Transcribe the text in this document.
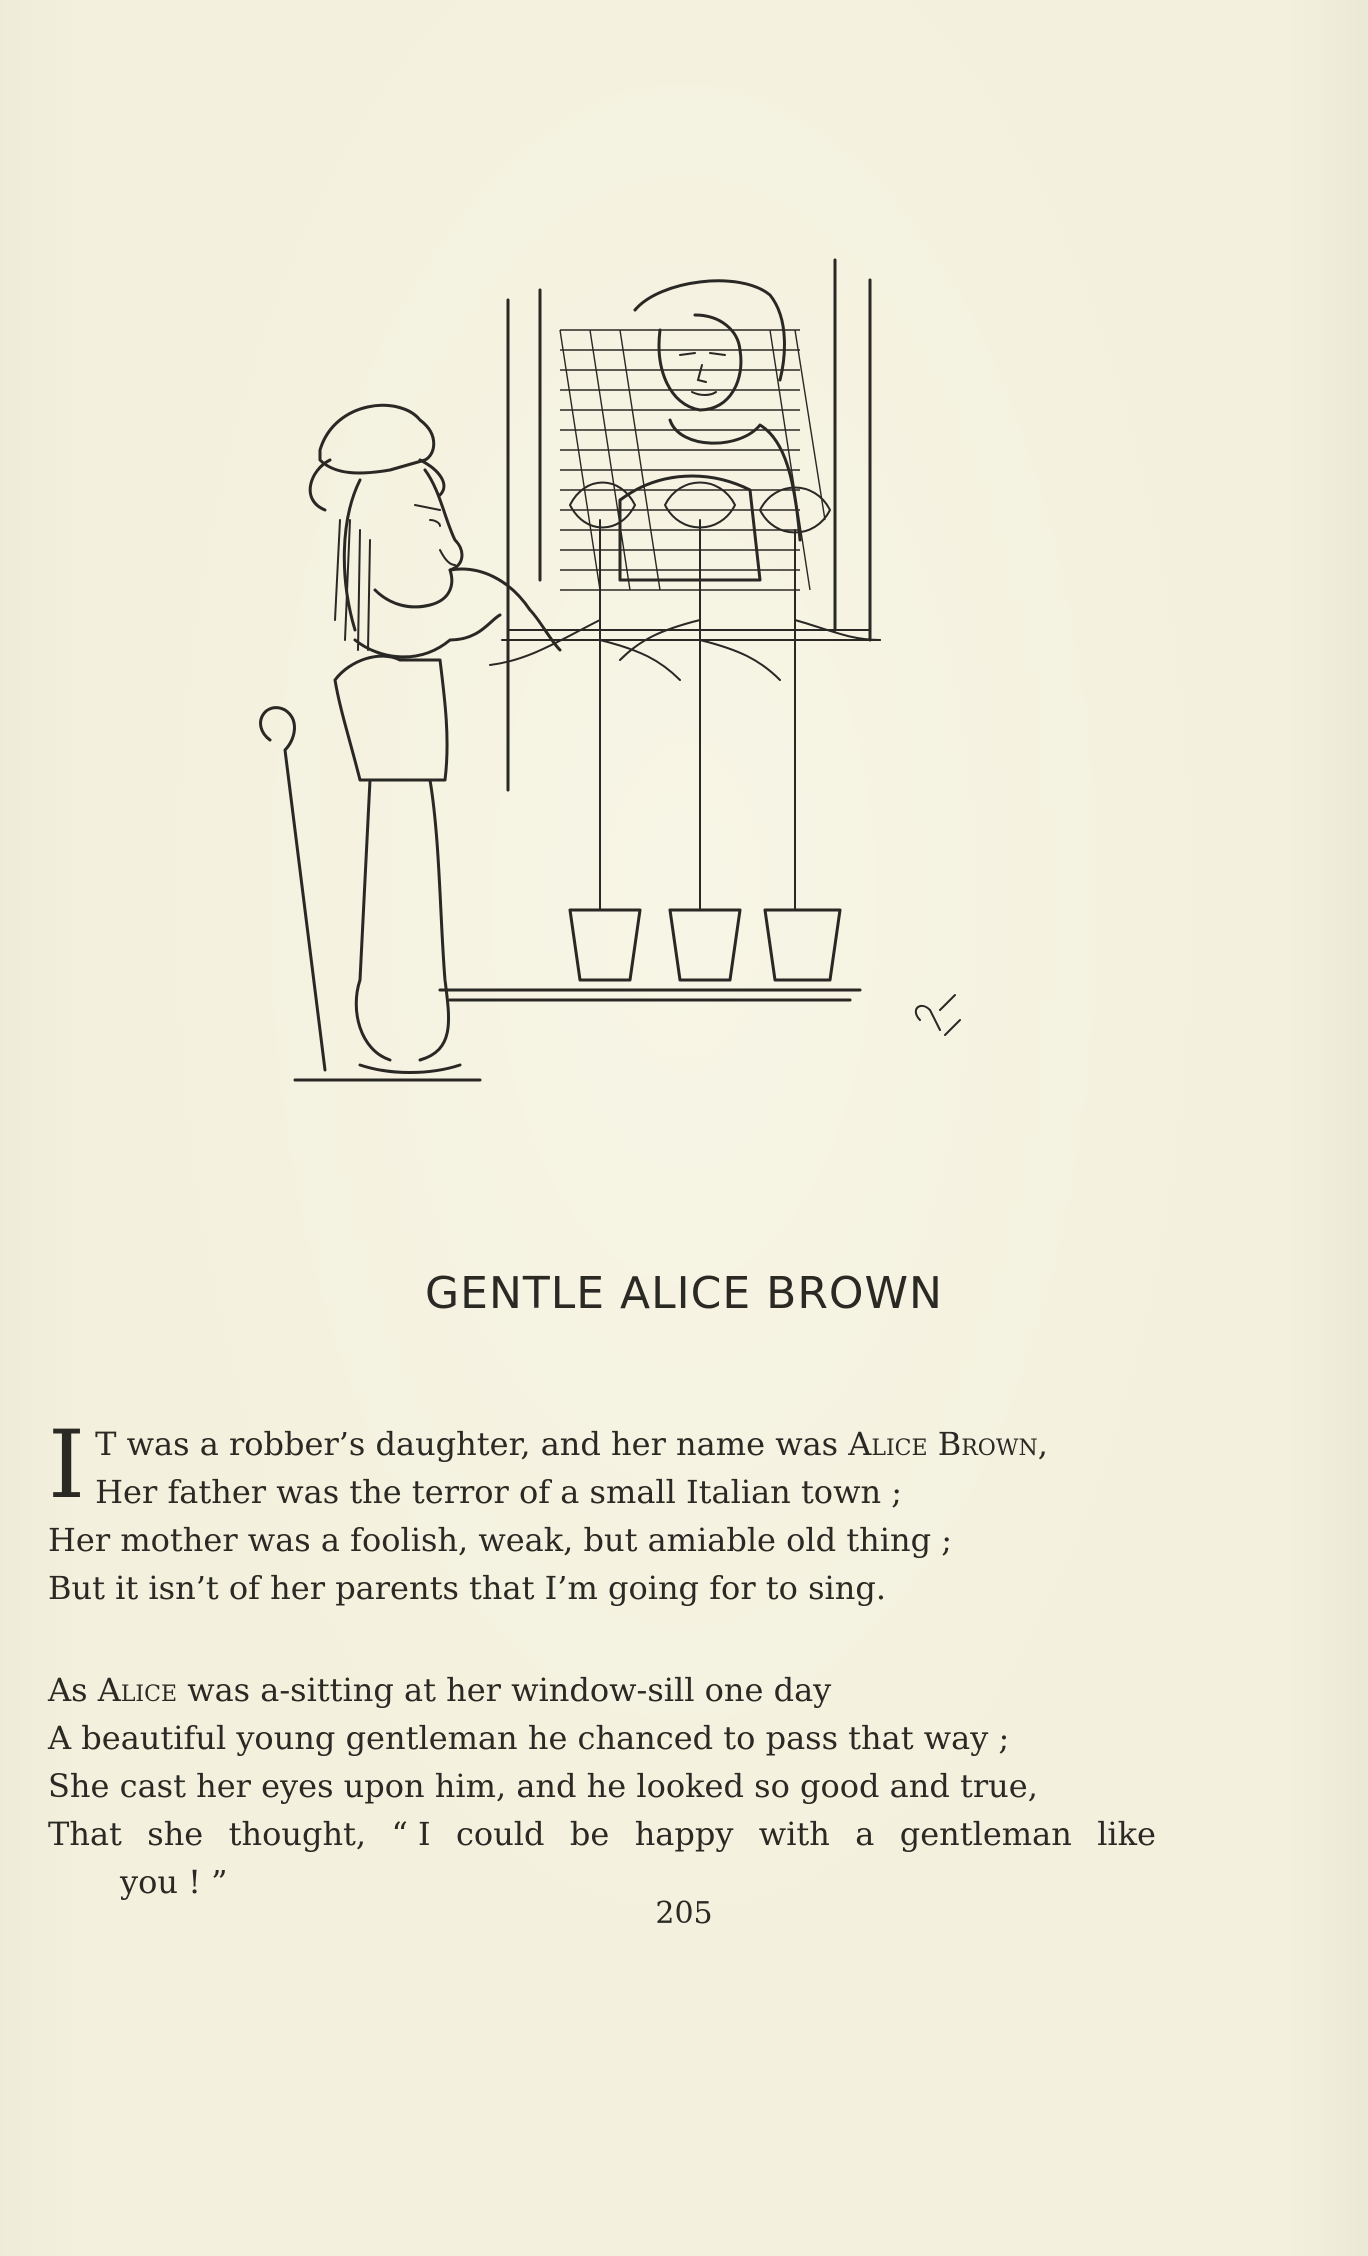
GENTLE ALICE BROWN
I T was a robber’s daughter, and her name was Alice Brown,
Her father was the terror of a small Italian town ;
Her mother was a foolish, weak, but amiable old thing ;
But it isn’t of her parents that I’m going for to sing.
As Alice was a-sitting at her window-sill one day
A beautiful young gentleman he chanced to pass that way ;
She cast her eyes upon him, and he looked so good and true,
That she thought, “ I could be happy with a gentleman like
you ! ”
205
